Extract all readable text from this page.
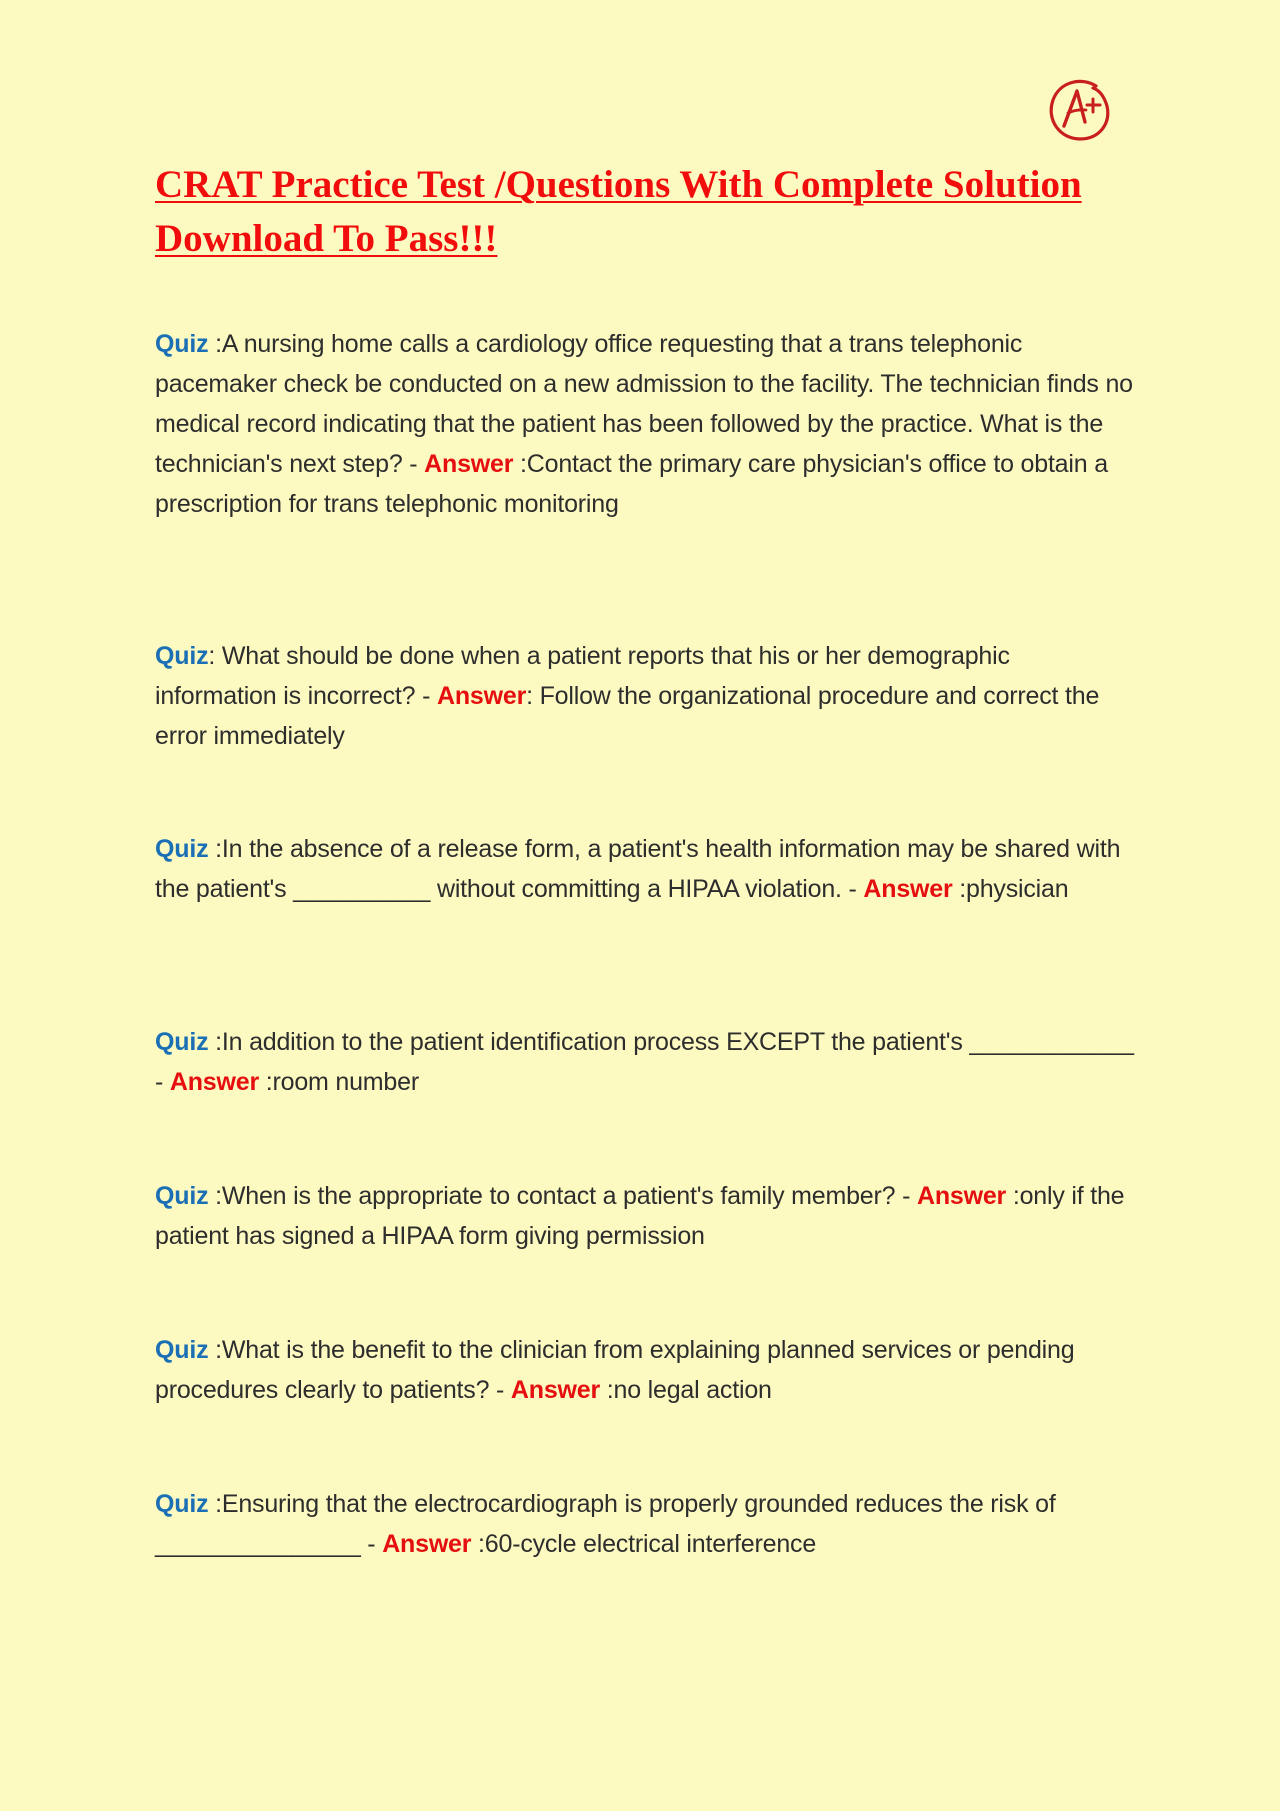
CRAT Practice Test /Questions With Complete Solution Download To Pass!!!

Quiz :A nursing home calls a cardiology office requesting that a trans telephonic pacemaker check be conducted on a new admission to the facility. The technician finds no medical record indicating that the patient has been followed by the practice. What is the technician's next step? - Answer :Contact the primary care physician's office to obtain a prescription for trans telephonic monitoring

Quiz: What should be done when a patient reports that his or her demographic information is incorrect? - Answer: Follow the organizational procedure and correct the error immediately

Quiz :In the absence of a release form, a patient's health information may be shared with the patient's __________ without committing a HIPAA violation. - Answer :physician

Quiz :In addition to the patient identification process EXCEPT the patient's ____________ - Answer :room number

Quiz :When is the appropriate to contact a patient's family member? - Answer :only if the patient has signed a HIPAA form giving permission

Quiz :What is the benefit to the clinician from explaining planned services or pending procedures clearly to patients? - Answer :no legal action

Quiz :Ensuring that the electrocardiograph is properly grounded reduces the risk of _______________ - Answer :60-cycle electrical interference
